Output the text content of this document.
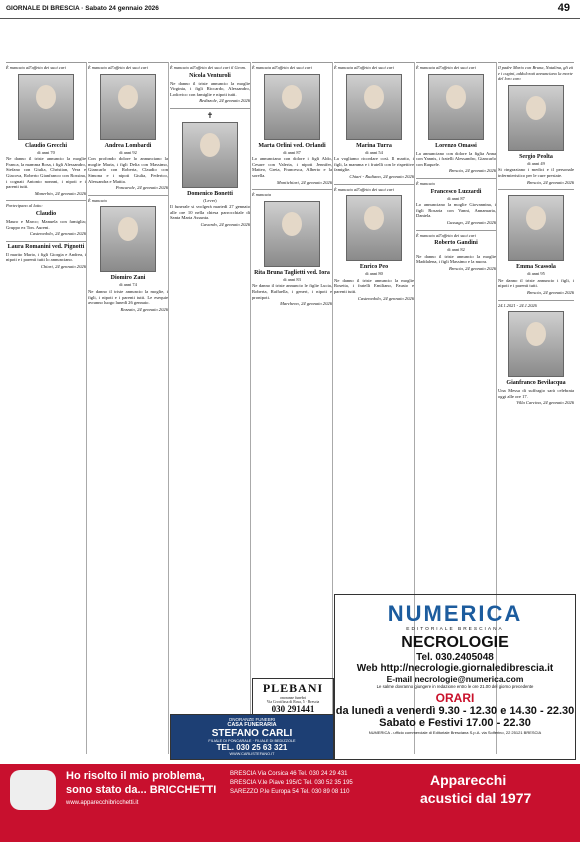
GIORNALE DI BRESCIA · Sabato 24 gennaio 2026	49
È mancato all'affetto dei suoi cari
Claudio Grecchi
di anni 70
Ne danno il triste annuncio la moglie Franca, la mamma Rosa, i figli Alessandro, Stefano con Giulia, Christian, Vera e Giacova, Roberto Gianfranco con Rossina, i cognati Antonio nonnni, i nipoti e i parenti tutti.
Manerbio, 24 gennaio 2026
Partecipano al lutto:
Claudio
Mauro e Marco; Manuela con famiglia; Gruppo ex Ton. Aureni.
Castenedolo, 24 gennaio 2026
Laura Romanini ved. Pignotti
Il marito Mario, i figli Giorgia e Andrea, i nipoti e i parenti tutti lo annunciano.
Chiari, 24 gennaio 2026
È mancato all'affetto dei suoi cari
Andrea Lombardi
di anni 92
Con profondo dolore lo annunciano la moglie Maria, i figli Delia con Massimo, Giancarlo con Roberta, Claudio con Simona e i nipoti Giulia, Federico, Alessandra e Mattia.
Poncarale, 24 gennaio 2026
È mancato
Diomiro Zani
di anni 74
Ne danno il triste annuncio la moglie, i figli, i nipoti e i parenti tutti. Le esequie avranno luogo lunedì 26 gennaio.
Rezzato, 24 gennaio 2026
È mancato all'affetto dei suoi cari il Geom.
Nicola Venturoli
Ne danno il triste annuncio la moglie Virginia, i figli Riccardo, Alessandro, Lodovico con famiglie e nipoti tutti.
Bedizzole, 24 gennaio 2026
✝
Domenico Bonetti
(Lever)
Il funerale si svolgerà martedì 27 gennaio alle ore 10 nella chiesa parrocchiale di Santa Maria Assunta.
Gavardo, 24 gennaio 2026
È mancata all'affetto dei suoi cari
Marta Orlini ved. Orlandi
di anni 87
Lo annunciano con dolore i figli Aldo, Cesare con Valeria, i nipoti Jennifer, Matteo, Greta, Francesca, Alberto e la sorella.
Montichiari, 24 gennaio 2026
È mancata
Rita Bruna Taglietti ved. Iora
di anni 83
Ne danno il triste annuncio le figlie Lucia, Roberta, Raffaella, i generi, i nipoti e pronipoti.
Marcheno, 24 gennaio 2026
È mancata all'affetto dei suoi cari
Marina Turra
di anni 54
La vogliamo ricordare così. Il marito, i figli, la mamma e i fratelli con le rispettive famiglie.
Chiari - Rudiano, 24 gennaio 2026
È mancato all'affetto dei suoi cari
Enrico Peo
di anni 80
Ne danno il triste annuncio la moglie Rosetta, i fratelli Emiliano, Fausto e parenti tutti.
Castenedolo, 24 gennaio 2026
È mancata all'affetto dei suoi cari
Lorenzo Omassi
La annunciano con dolore la figlia Anna con Yannis, i fratelli Alessandro, Giancarlo con Raquele.
Brescia, 24 gennaio 2026
È mancato
Francesco Luzzardi
di anni 87
Lo annunciano la moglie Giovannina, i figli Rosaria con Vanni, Annamaria, Daniela.
Gussago, 24 gennaio 2026
È mancato all'affetto dei suoi cari
Roberto Gandini
di anni 82
Ne danno il triste annuncio la moglie Maddalena, i figli Massimo e la nuora.
Brescia, 24 gennaio 2026
Il padre Mario con Bruna, Natalina, gli zii e i cugini, addolorati annunciano la morte del loro caro
Sergio Peolta
di anni 49
Si ringraziano i medici e il personale infermieristico per le cure prestate.
Brescia, 24 gennaio 2026
Emma Scassola
di anni 95
Ne danno il triste annuncio i figli, i nipoti e i parenti tutti.
Brescia, 24 gennaio 2026
24.1.2021 - 24.1.2026
Gianfranco Bevilacqua
Una Messa di suffragio sarà celebrata oggi alle ore 17.
Villa Carcina, 24 gennaio 2026
PLEBANI
onoranze funebri
Via Crocifissa di Rosa, 5 · Brescia
030 291441
ONORANZE FUNEBRI
CASA FUNERARIA
STEFANO CARLI
FILIALE DI PONCARALE · FILIALE DI BEDIZZOLE
TEL. 030 25 63 321
WWW.CARLISTEFANO.IT
NUMERICA
EDITORIALE BRESCIANA
NECROLOGIE
Tel. 030.2405048
Web http://necrologie.giornaledibrescia.it
E-mail necrologie@numerica.com
Le salme dovranno giungere in redazione entro le ore 21.00 del giorno precedente
ORARI
da lunedì a venerdì 9.30 - 12.30 e 14.30 - 22.30
Sabato e Festivi 17.00 - 22.30
NUMERICA - ufficio commerciale di Editoriale Bresciana S.p.A. via Solferino, 22 25121 BRESCIA
Ho risolto il mio problema,
sono stato da... BRICCHETTI
www.apparecchibricchetti.it
BRESCIA Via Corsica 46 Tel. 030 24 29 431
BRESCIA V.le Piave 195/C Tel. 030 52 35 195
SAREZZO P.le Europa 54 Tel. 030 89 08 110
Apparecchi
acustici dal 1977
